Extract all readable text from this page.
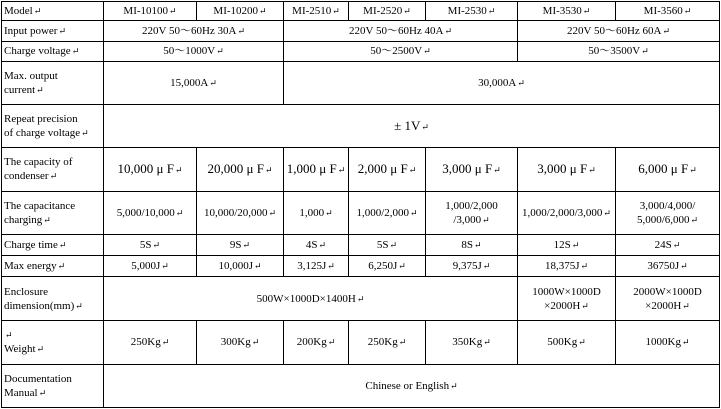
Model↵	MI-10100↵	MI-10200↵	MI-2510↵	MI-2520↵	MI-2530↵	MI-3530↵	MI-3560↵
Input power↵	220V 50～60Hz 30A↵		220V 50～60Hz 40A↵			220V 50～60Hz 60A↵	
Charge voltage↵	50～1000V↵		50～2500V↵			50～3500V↵	

Max. output
current↵	15,000A↵		30,000A↵				

Repeat precision
of charge voltage↵	± 1V↵						

The capacity of
condenser↵	10,000 μ F↵	20,000 μ F↵	1,000 μ F↵	2,000 μ F↵	3,000 μ F↵	3,000 μ F↵	6,000 μ F↵

The capacitance
charging↵	5,000/10,000↵	10,000/20,000↵	1,000↵	1,000/2,000↵	1,000/2,000
/3,000↵	1,000/2,000/3,000↵	3,000/4,000/
5,000/6,000↵
Charge time↵	5S↵	9S↵	4S↵	5S↵	8S↵	12S↵	24S↵
Max energy↵	5,000J↵	10,000J↵	3,125J↵	6,250J↵	9,375J↵	18,375J↵	36750J↵

Enclosure
dimension(mm)↵	500W×1000D×1400H↵					1000W×1000D
×2000H↵	2000W×1000D
×2000H↵

↵
Weight↵	250Kg↵	300Kg↵	200Kg↵	250Kg↵	350Kg↵	500Kg↵	1000Kg↵

Documentation
Manual↵	Chinese or English↵						
